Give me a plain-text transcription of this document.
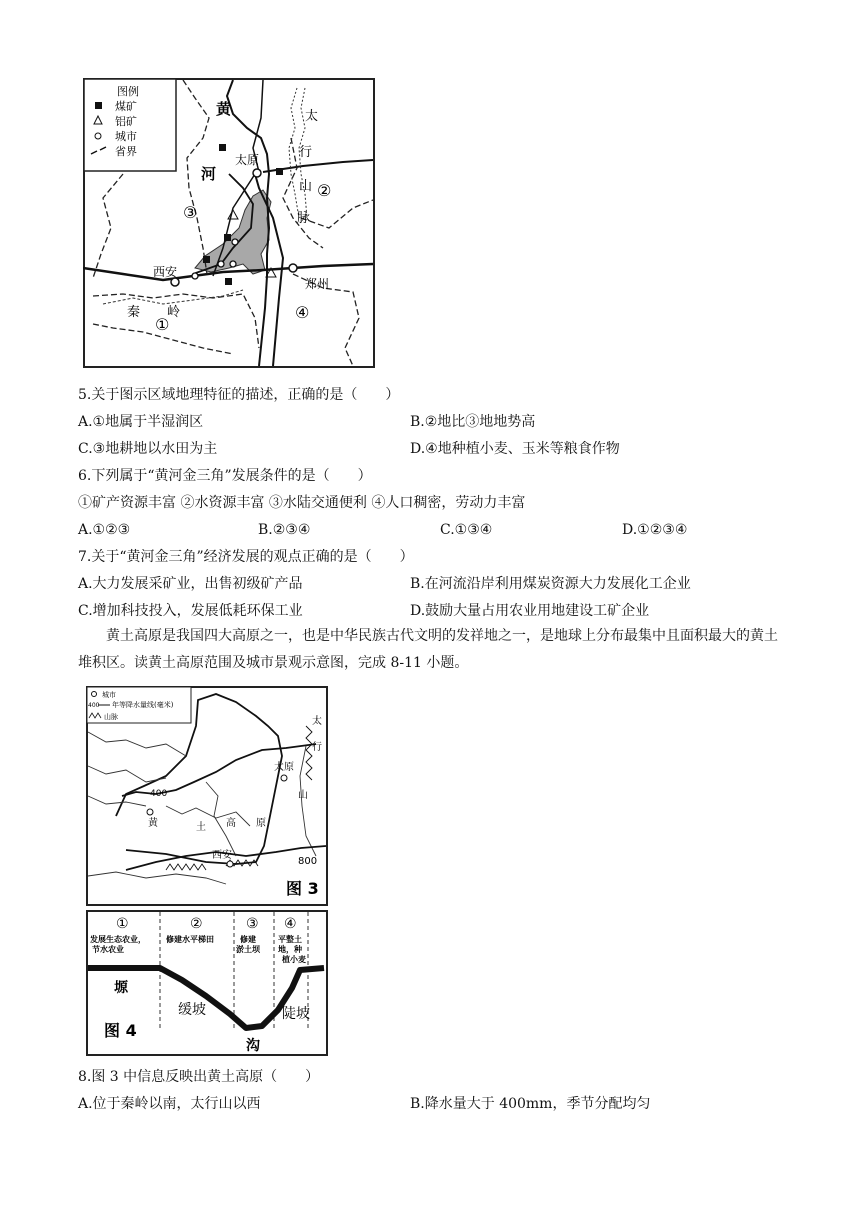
图例
煤矿
铝矿
城市
省界
黄
河
太原
太
行
山
脉
西安
郑州
秦 岭
①
②
③
④
5.关于图示区域地理特征的描述，正确的是（　　）
A.①地属于半湿润区	B.②地比③地地势高
C.③地耕地以水田为主	D.④地种植小麦、玉米等粮食作物
6.下列属于“黄河金三角”发展条件的是（　　）
①矿产资源丰富 ②水资源丰富 ③水陆交通便利 ④人口稠密，劳动力丰富
A.①②③	B.②③④	C.①③④	D.①②③④
7.关于“黄河金三角”经济发展的观点正确的是（　　）
A.大力发展采矿业，出售初级矿产品	B.在河流沿岸利用煤炭资源大力发展化工企业
C.增加科技投入，发展低耗环保工业	D.鼓励大量占用农业用地建设工矿企业
黄土高原是我国四大高原之一，也是中华民族古代文明的发祥地之一，是地球上分布最集中且面积最大的黄土堆积区。读黄土高原范围及城市景观示意图，完成 8-11 小题。
城市
400 年等降水量线(毫米)
山脉
太原
太
行
山
400
黄	土 高 原
西安
800
图 3
①	②	③ ④
发展生态农业，
节水农业
修建水平梯田	修建
淤土坝
平整土
地，种
植小麦
塬
缓坡	陡坡
沟
图 4
8.图 3 中信息反映出黄土高原（　　）
A.位于秦岭以南，太行山以西	B.降水量大于 400mm，季节分配均匀
